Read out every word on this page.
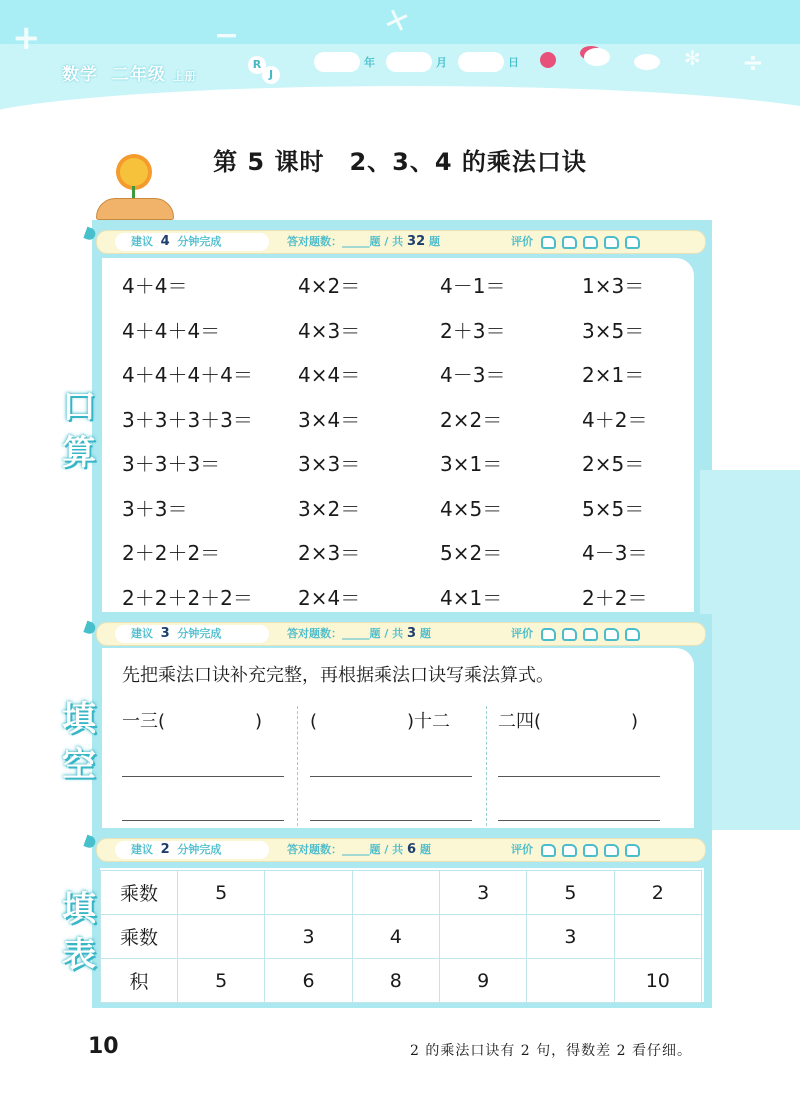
+	−	✕
÷
数学 二年级 上册
R
J
年	月	日	✻
第 5 课时　2、3、4 的乘法口诀
建议 4 分钟完成	答对题数：_____题 / 共 32 题	评价
口
算
4＋4＝	4×2＝	4－1＝	1×3＝
4＋4＋4＝	4×3＝	2＋3＝	3×5＝
4＋4＋4＋4＝ 4×4＝	4－3＝	2×1＝
3＋3＋3＋3＝ 3×4＝	2×2＝	4＋2＝
3＋3＋3＝	3×3＝	3×1＝	2×5＝
3＋3＝	3×2＝	4×5＝	5×5＝
2＋2＋2＝	2×3＝	5×2＝	4－3＝
2＋2＋2＋2＝ 2×4＝	4×1＝	2＋2＝
建议 3 分钟完成	答对题数：_____题 / 共 3 题	评价
填
空
先把乘法口诀补充完整，再根据乘法口诀写乘法算式。
一三(　　　　　)	(　　　　　)十二	二四(　　　　　)
建议 2 分钟完成	答对题数：_____题 / 共 6 题	评价
填
表
乘数	5			3	5	2
乘数		3	4		3	
积	5	6	8	9		10
10	2 的乘法口诀有 2 句，得数差 2 看仔细。
